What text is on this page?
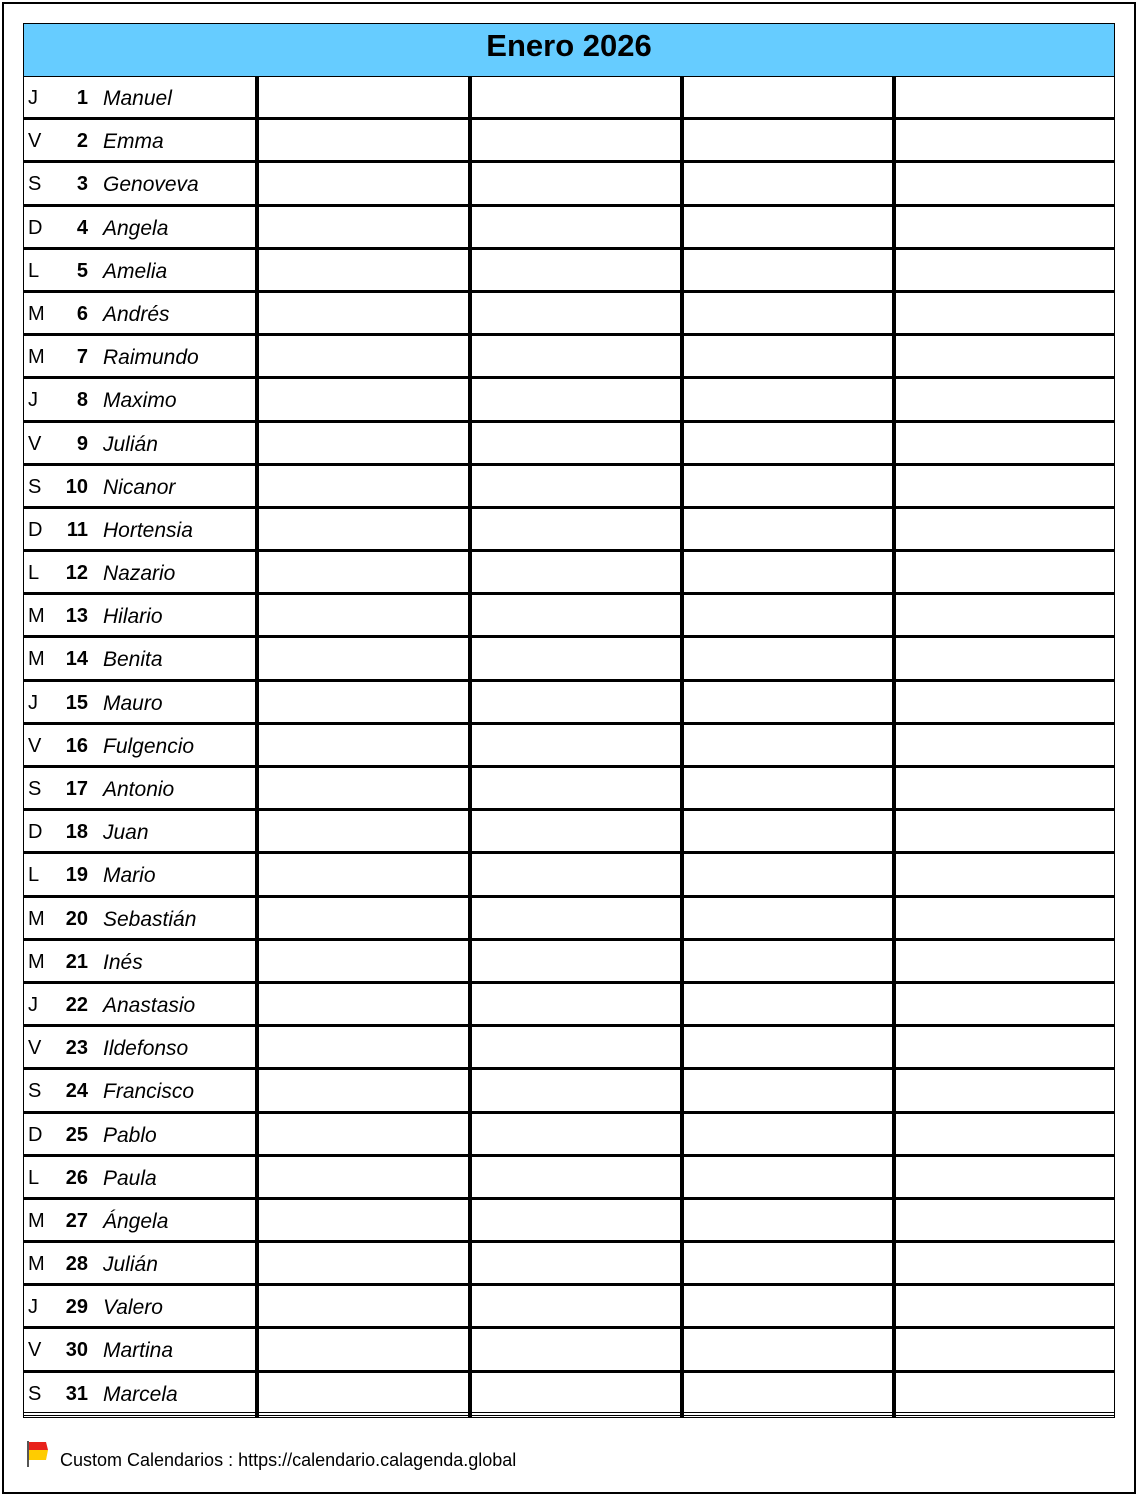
Enero 2026
J	1 Manuel
V	2 Emma
S	3 Genoveva
D	4 Angela
L	5 Amelia
M	6 Andrés
M	7 Raimundo
J	8 Maximo
V	9 Julián
S	10 Nicanor
D	11 Hortensia
L	12 Nazario
M	13 Hilario
M	14 Benita
J	15 Mauro
V	16 Fulgencio
S	17 Antonio
D	18 Juan
L	19 Mario
M	20 Sebastián
M	21 Inés
J	22 Anastasio
V	23 Ildefonso
S	24 Francisco
D	25 Pablo
L	26 Paula
M	27 Ángela
M	28 Julián
J	29 Valero
V	30 Martina
S	31 Marcela
Custom Calendarios : https://calendario.calagenda.global
